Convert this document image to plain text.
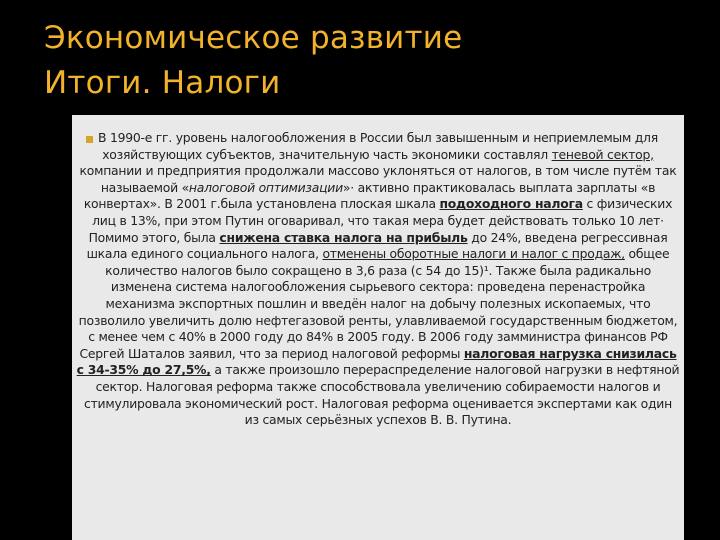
Экономическое развитие
Итоги. Налоги

В 1990-е гг. уровень налогообложения в России был завышенным и неприемлемым для хозяйствующих субъектов, значительную часть экономики составлял теневой сектор, компании и предприятия продолжали массово уклоняться от налогов, в том числе путём так называемой «налоговой оптимизации»· активно практиковалась выплата зарплаты «в конвертах». В 2001 г.была установлена плоская шкала подоходного налога с физических лиц в 13%, при этом Путин оговаривал, что такая мера будет действовать только 10 лет· Помимо этого, была снижена ставка налога на прибыль до 24%, введена регрессивная шкала единого социального налога, отменены оборотные налоги и налог с продаж, общее количество налогов было сокращено в 3,6 раза (с 54 до 15)¹. Также была радикально изменена система налогообложения сырьевого сектора: проведена перенастройка механизма экспортных пошлин и введён налог на добычу полезных ископаемых, что позволило увеличить долю нефтегазовой ренты, улавливаемой государственным бюджетом, с менее чем с 40% в 2000 году до 84% в 2005 году. В 2006 году замминистра финансов РФ Сергей Шаталов заявил, что за период налоговой реформы налоговая нагрузка снизилась с 34-35% до 27,5%, а также произошло перераспределение налоговой нагрузки в нефтяной сектор. Налоговая реформа также способствовала увеличению собираемости налогов и стимулировала экономический рост. Налоговая реформа оценивается экспертами как один из самых серьёзных успехов В. В. Путина.
